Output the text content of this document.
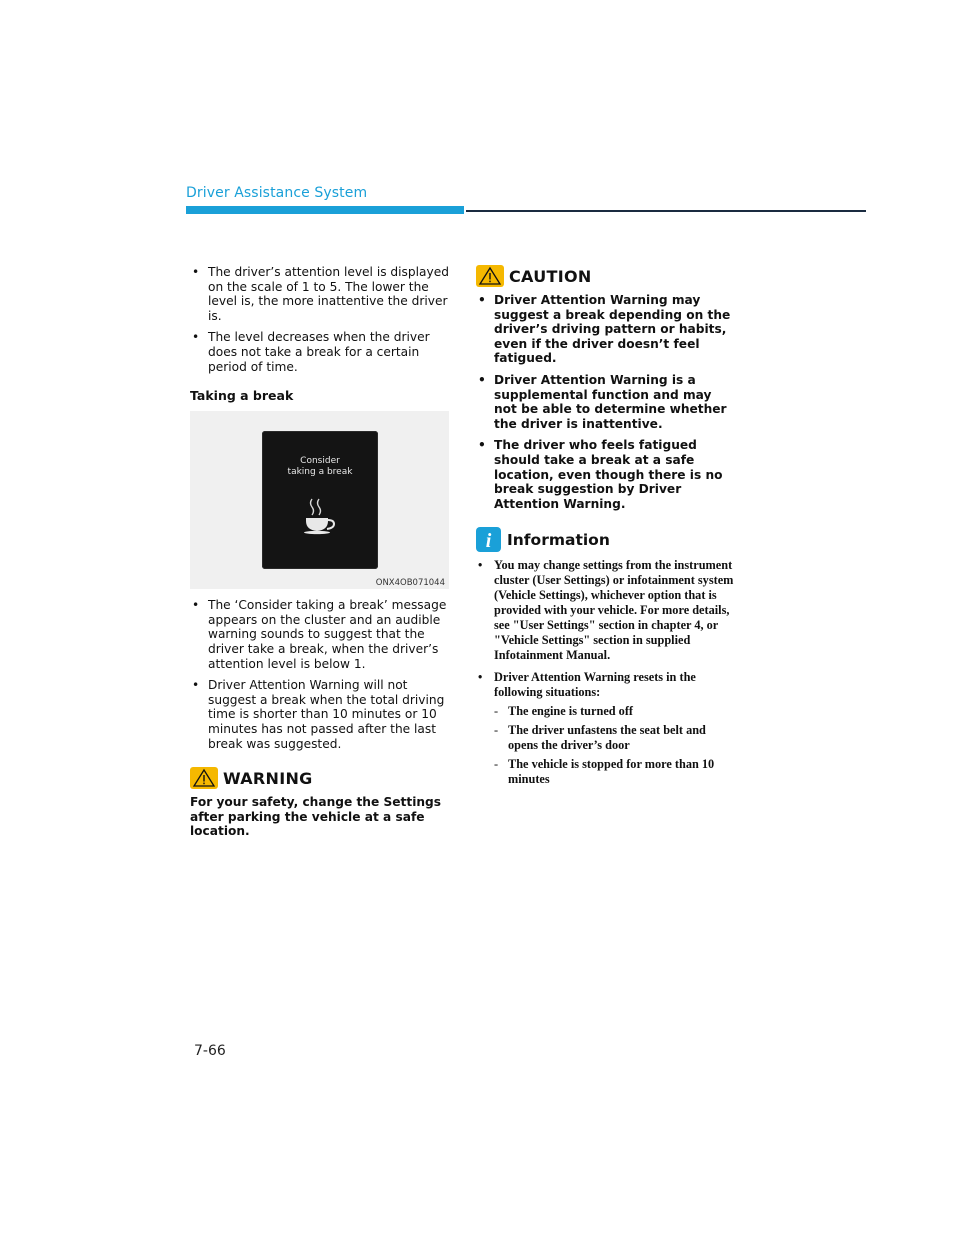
Driver Assistance System
• The driver’s attention level is displayed on the scale of 1 to 5. The lower the level is, the more inattentive the driver is.
• The level decreases when the driver does not take a break for a certain period of time.
Taking a break
Consider
taking a break
ONX4OB071044
• The ‘Consider taking a break’ message appears on the cluster and an audible warning sounds to suggest that the driver take a break, when the driver’s attention level is below 1.
• Driver Attention Warning will not suggest a break when the total driving time is shorter than 10 minutes or 10 minutes has not passed after the last break was suggested.
WARNING
For your safety, change the Settings after parking the vehicle at a safe location.
CAUTION
• Driver Attention Warning may suggest a break depending on the driver’s driving pattern or habits, even if the driver doesn’t feel fatigued.
• Driver Attention Warning is a supplemental function and may not be able to determine whether the driver is inattentive.
• The driver who feels fatigued should take a break at a safe location, even though there is no break suggestion by Driver Attention Warning.
i Information
• You may change settings from the instrument cluster (User Settings) or infotainment system (Vehicle Settings), whichever option that is provided with your vehicle. For more details, see "User Settings" section in chapter 4, or "Vehicle Settings" section in supplied Infotainment Manual.
• Driver Attention Warning resets in the following situations:
- The engine is turned off
- The driver unfastens the seat belt and opens the driver’s door
- The vehicle is stopped for more than 10 minutes
7-66
